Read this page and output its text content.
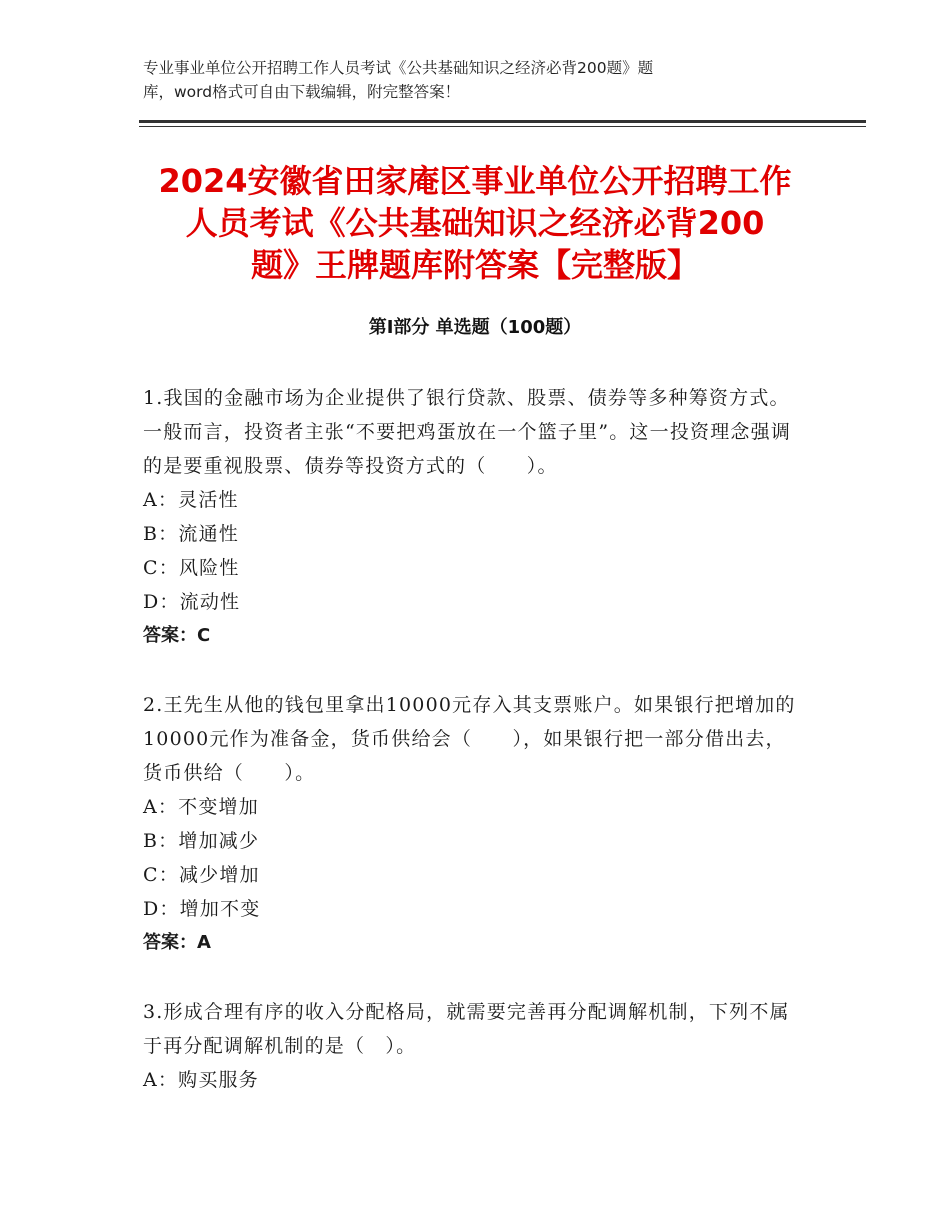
专业事业单位公开招聘工作人员考试《公共基础知识之经济必背200题》题
库，word格式可自由下载编辑，附完整答案！
2024安徽省田家庵区事业单位公开招聘工作
人员考试《公共基础知识之经济必背200
题》王牌题库附答案【完整版】
第Ⅰ部分 单选题（100题）

1.我国的金融市场为企业提供了银行贷款、股票、债券等多种筹资方式。一般而言，投资者主张“不要把鸡蛋放在一个篮子里”。这一投资理念强调的是要重视股票、债券等投资方式的（　　）。

A：灵活性

B：流通性

C：风险性

D：流动性

答案：C

2.王先生从他的钱包里拿出10000元存入其支票账户。如果银行把增加的10000元作为准备金，货币供给会（　　），如果银行把一部分借出去，货币供给（　　）。

A：不变增加

B：增加减少

C：减少增加

D：增加不变

答案：A

3.形成合理有序的收入分配格局，就需要完善再分配调解机制，下列不属于再分配调解机制的是（　）。

A：购买服务
